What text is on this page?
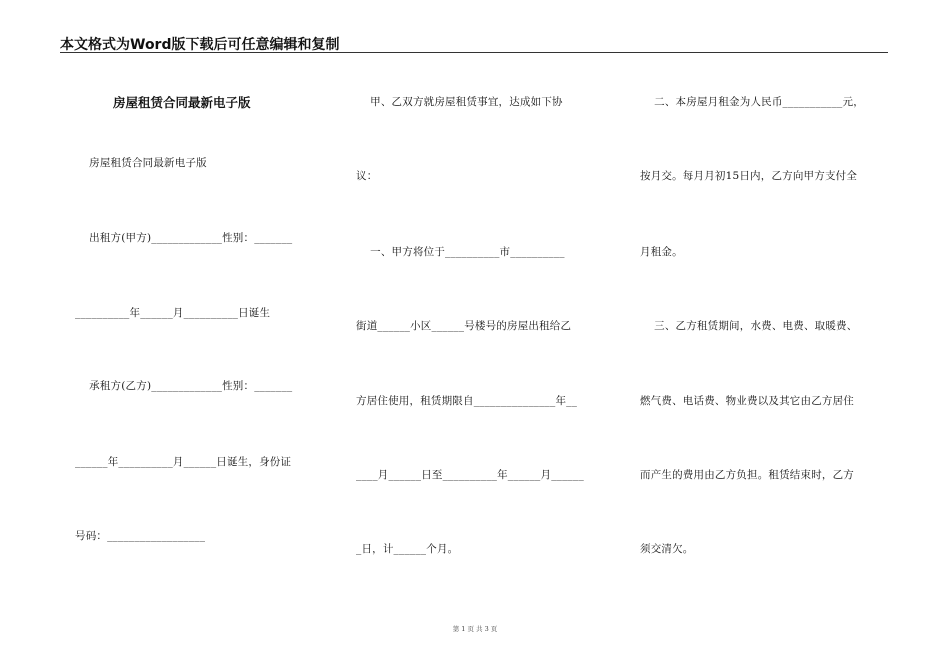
本文格式为Word版下载后可任意编辑和复制
房屋租赁合同最新电子版
房屋租赁合同最新电子版
出租方(甲方)_____________性别：_______
__________年______月__________日诞生
承租方(乙方)_____________性别：_______
______年__________月______日诞生，身份证
号码：__________________
甲、乙双方就房屋租赁事宜，达成如下协
议：
一、甲方将位于__________市__________
街道______小区______号楼号的房屋出租给乙
方居住使用，租赁期限自_______________年__
____月______日至__________年______月______
_日，计______个月。
二、本房屋月租金为人民币___________元，
按月交。每月月初15日内，乙方向甲方支付全
月租金。
三、乙方租赁期间，水费、电费、取暖费、
燃气费、电话费、物业费以及其它由乙方居住
而产生的费用由乙方负担。租赁结束时，乙方
须交清欠。
第 1 页 共 3 页
